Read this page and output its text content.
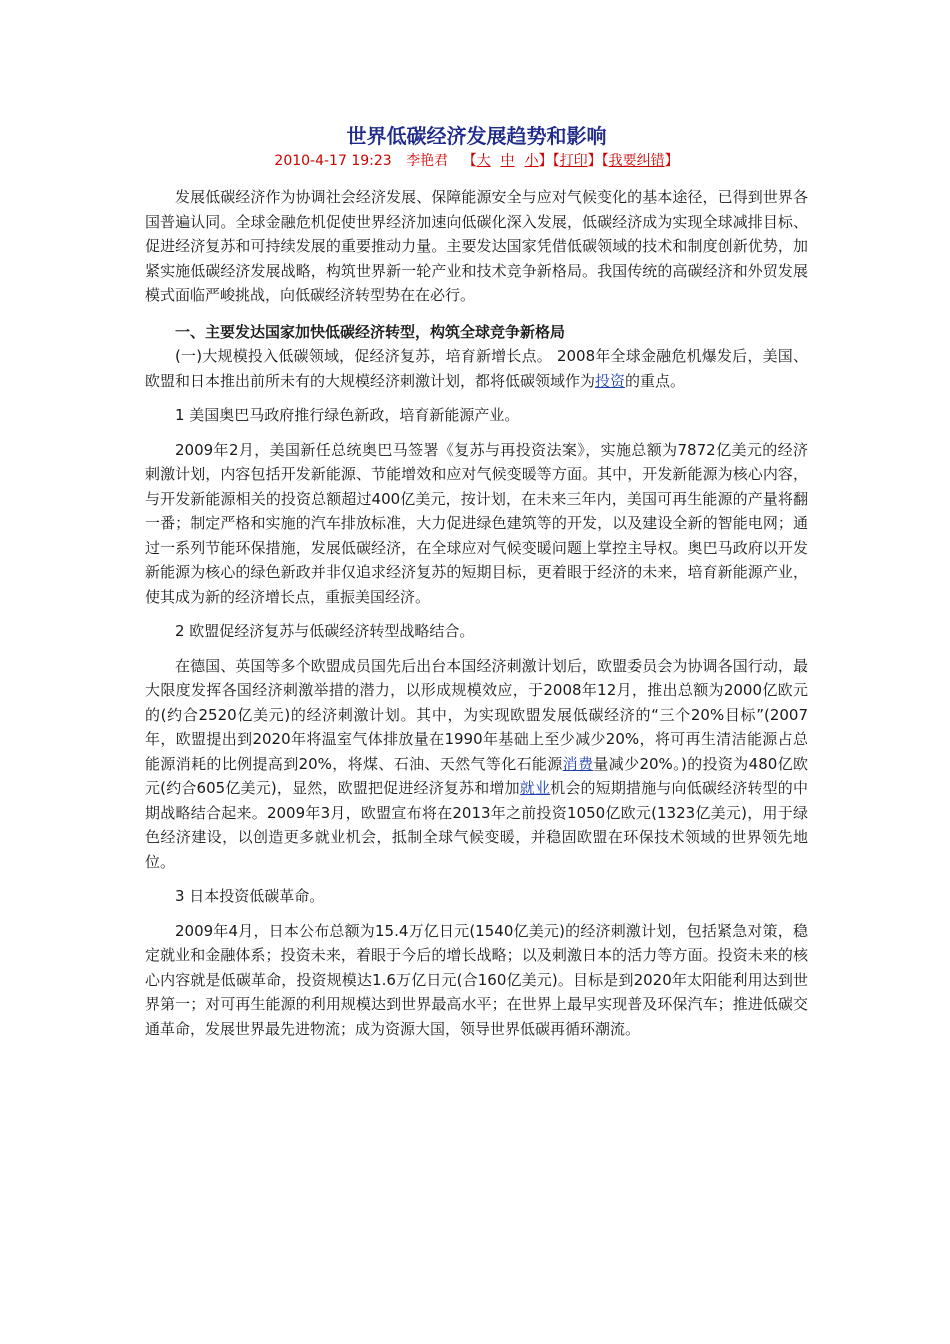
世界低碳经济发展趋势和影响
2010-4-17 19:23 李艳君 【大 中 小】【打印】【我要纠错】

发展低碳经济作为协调社会经济发展、保障能源安全与应对气候变化的基本途径，已得到世界各国普遍认同。全球金融危机促使世界经济加速向低碳化深入发展，低碳经济成为实现全球减排目标、促进经济复苏和可持续发展的重要推动力量。主要发达国家凭借低碳领域的技术和制度创新优势，加紧实施低碳经济发展战略，构筑世界新一轮产业和技术竞争新格局。我国传统的高碳经济和外贸发展模式面临严峻挑战，向低碳经济转型势在在必行。

一、主要发达国家加快低碳经济转型，构筑全球竞争新格局

(一)大规模投入低碳领域，促经济复苏，培育新增长点。 2008年全球金融危机爆发后，美国、欧盟和日本推出前所未有的大规模经济刺激计划，都将低碳领域作为投资的重点。

1 美国奥巴马政府推行绿色新政，培育新能源产业。

2009年2月，美国新任总统奥巴马签署《复苏与再投资法案》，实施总额为7872亿美元的经济刺激计划，内容包括开发新能源、节能增效和应对气候变暖等方面。其中，开发新能源为核心内容，与开发新能源相关的投资总额超过400亿美元，按计划，在未来三年内，美国可再生能源的产量将翻一番；制定严格和实施的汽车排放标准，大力促进绿色建筑等的开发，以及建设全新的智能电网；通过一系列节能环保措施，发展低碳经济，在全球应对气候变暖问题上掌控主导权。奥巴马政府以开发新能源为核心的绿色新政并非仅追求经济复苏的短期目标，更着眼于经济的未来，培育新能源产业，使其成为新的经济增长点，重振美国经济。

2 欧盟促经济复苏与低碳经济转型战略结合。

在德国、英国等多个欧盟成员国先后出台本国经济刺激计划后，欧盟委员会为协调各国行动，最大限度发挥各国经济刺激举措的潜力，以形成规模效应，于2008年12月，推出总额为2000亿欧元的(约合2520亿美元)的经济刺激计划。其中，为实现欧盟发展低碳经济的“三个20%目标”(2007年，欧盟提出到2020年将温室气体排放量在1990年基础上至少减少20%，将可再生清洁能源占总能源消耗的比例提高到20%，将煤、石油、天然气等化石能源消费量减少20%。)的投资为480亿欧元(约合605亿美元)，显然，欧盟把促进经济复苏和增加就业机会的短期措施与向低碳经济转型的中期战略结合起来。2009年3月，欧盟宣布将在2013年之前投资1050亿欧元(1323亿美元)，用于绿色经济建设，以创造更多就业机会，抵制全球气候变暖，并稳固欧盟在环保技术领域的世界领先地位。

3 日本投资低碳革命。

2009年4月，日本公布总额为15.4万亿日元(1540亿美元)的经济刺激计划，包括紧急对策，稳定就业和金融体系；投资未来，着眼于今后的增长战略；以及刺激日本的活力等方面。投资未来的核心内容就是低碳革命，投资规模达1.6万亿日元(合160亿美元)。目标是到2020年太阳能利用达到世界第一；对可再生能源的利用规模达到世界最高水平；在世界上最早实现普及环保汽车；推进低碳交通革命，发展世界最先进物流；成为资源大国，领导世界低碳再循环潮流。
